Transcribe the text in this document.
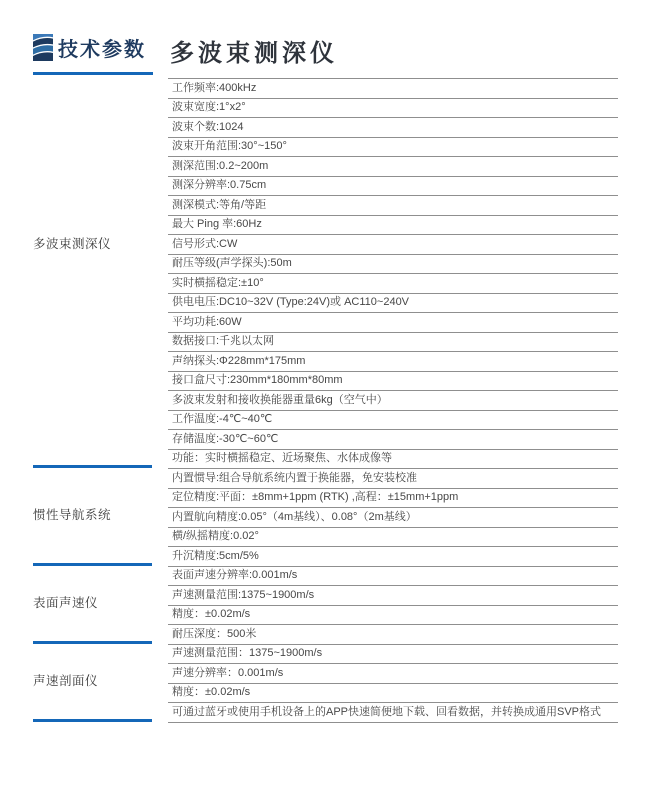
技术参数 多波束测深仪
多波束测深仪
惯性导航系统
表面声速仪
声速剖面仪
工作频率:400kHz
波束宽度:1°x2°
波束个数:1024
波束开角范围:30°~150°
测深范围:0.2~200m
测深分辨率:0.75cm
测深模式:等角/等距
最大 Ping 率:60Hz
信号形式:CW
耐压等级(声学探头):50m
实时横摇稳定:±10°
供电电压:DC10~32V (Type:24V)或 AC110~240V
平均功耗:60W
数据接口:千兆以太网
声纳探头:Φ228mm*175mm
接口盒尺寸:230mm*180mm*80mm
多波束发射和接收换能器重量6kg（空气中）
工作温度:-4℃~40℃
存储温度:-30℃~60℃
功能：实时横摇稳定、近场聚焦、水体成像等
内置惯导:组合导航系统内置于换能器，免安装校准
定位精度:平面：±8mm+1ppm (RTK) ,高程：±15mm+1ppm
内置航向精度:0.05°（4m基线）、0.08°（2m基线）
横/纵摇精度:0.02°
升沉精度:5cm/5%
表面声速分辨率:0.001m/s
声速测量范围:1375~1900m/s
精度：±0.02m/s
耐压深度：500米
声速测量范围：1375~1900m/s
声速分辨率：0.001m/s
精度：±0.02m/s
可通过蓝牙或使用手机设备上的APP快速简便地下载、回看数据，并转换成通用SVP格式
